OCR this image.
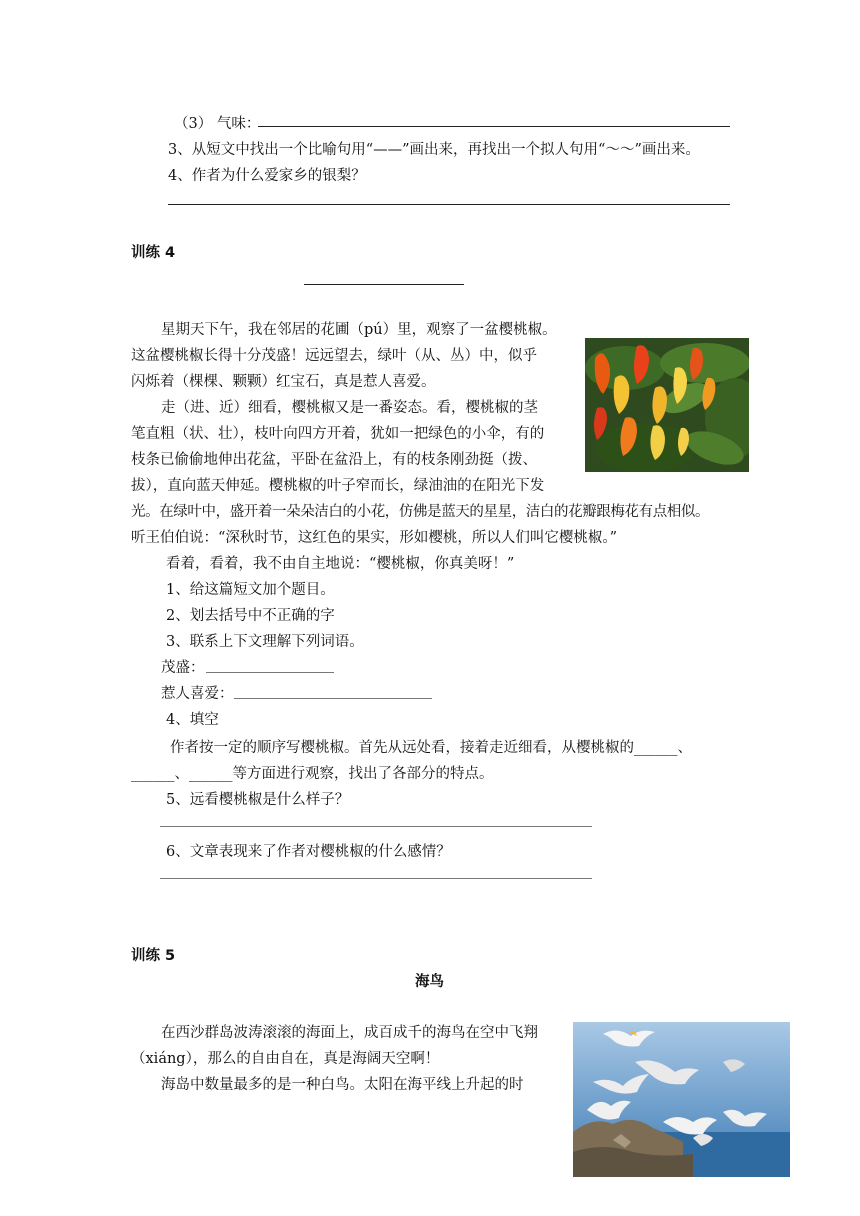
（3） 气味：
3、从短文中找出一个比喻句用“——”画出来，再找出一个拟人句用“～～”画出来。
4、作者为什么爱家乡的银梨？
训练 4
星期天下午，我在邻居的花圃（pú）里，观察了一盆樱桃椒。
这盆樱桃椒长得十分茂盛！远远望去，绿叶（从、丛）中，似乎
闪烁着（棵棵、颗颗）红宝石，真是惹人喜爱。
走（进、近）细看，樱桃椒又是一番姿态。看，樱桃椒的茎
笔直粗（状、壮），枝叶向四方开着，犹如一把绿色的小伞，有的
枝条已偷偷地伸出花盆，平卧在盆沿上，有的枝条刚劲挺（拨、
拔），直向蓝天伸延。樱桃椒的叶子窄而长，绿油油的在阳光下发
光。在绿叶中，盛开着一朵朵洁白的小花，仿佛是蓝天的星星，洁白的花瓣跟梅花有点相似。
听王伯伯说：“深秋时节，这红色的果实，形如樱桃，所以人们叫它樱桃椒。”
看着，看着，我不由自主地说：“樱桃椒，你真美呀！”
1、给这篇短文加个题目。
2、划去括号中不正确的字
3、联系上下文理解下列词语。
茂盛：
惹人喜爱：
4、填空
作者按一定的顺序写樱桃椒。首先从远处看，接着走近细看，从樱桃椒的______、
______、______等方面进行观察，找出了各部分的特点。
5、远看樱桃椒是什么样子？
6、文章表现来了作者对樱桃椒的什么感情？
训练 5
海鸟
在西沙群岛波涛滚滚的海面上，成百成千的海鸟在空中飞翔
（xiáng），那么的自由自在，真是海阔天空啊！
海岛中数量最多的是一种白鸟。太阳在海平线上升起的时
